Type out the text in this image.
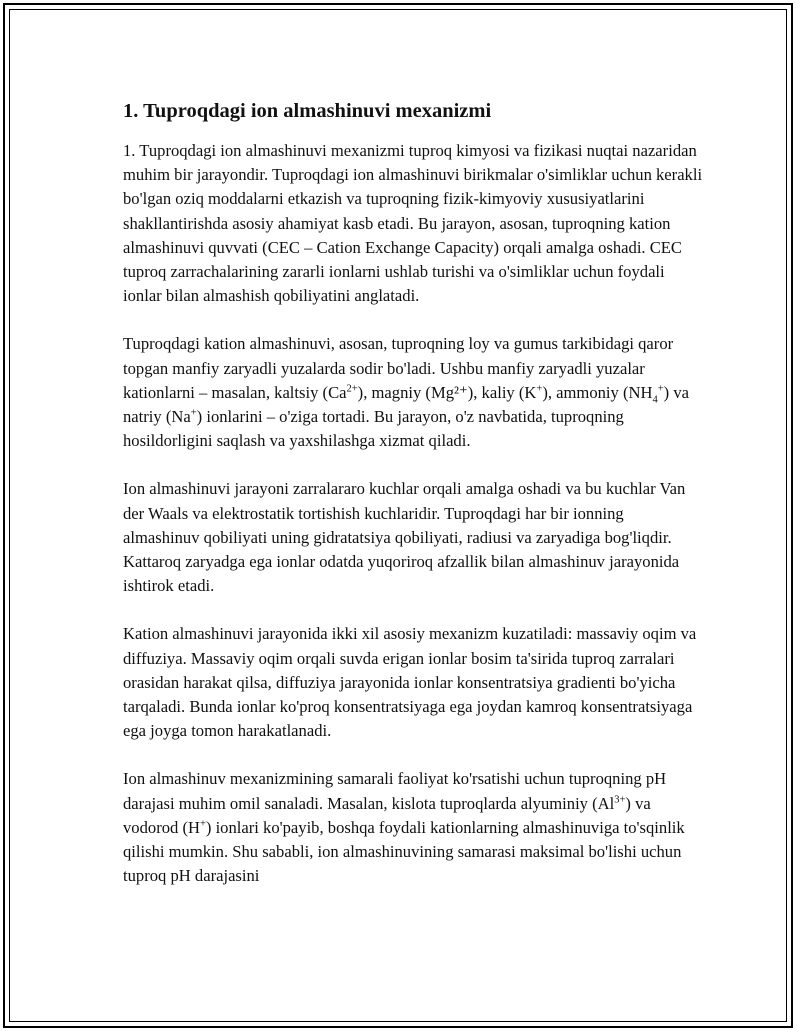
1. Tuproqdagi ion almashinuvi mexanizmi

1. Tuproqdagi ion almashinuvi mexanizmi tuproq kimyosi va fizikasi nuqtai nazaridan muhim bir jarayondir. Tuproqdagi ion almashinuvi birikmalar o'simliklar uchun kerakli bo'lgan oziq moddalarni etkazish va tuproqning fizik-kimyoviy xususiyatlarini shakllantirishda asosiy ahamiyat kasb etadi. Bu jarayon, asosan, tuproqning kation almashinuvi quvvati (CEC – Cation Exchange Capacity) orqali amalga oshadi. CEC tuproq zarrachalarining zararli ionlarni ushlab turishi va o'simliklar uchun foydali ionlar bilan almashish qobiliyatini anglatadi.

Tuproqdagi kation almashinuvi, asosan, tuproqning loy va gumus tarkibidagi qaror topgan manfiy zaryadli yuzalarda sodir bo'ladi. Ushbu manfiy zaryadli yuzalar kationlarni – masalan, kaltsiy $(Ca^{2+})$, magniy (Mg²⁺), kaliy (K+), ammoniy $(NH_4^+)$ va natriy (Na+) ionlarini – o'ziga tortadi. Bu jarayon, o'z navbatida, tuproqning hosildorligini saqlash va yaxshilashga xizmat qiladi.

Ion almashinuvi jarayoni zarralararo kuchlar orqali amalga oshadi va bu kuchlar Van der Waals va elektrostatik tortishish kuchlaridir. Tuproqdagi har bir ionning almashinuv qobiliyati uning gidratatsiya qobiliyati, radiusi va zaryadiga bog'liqdir. Kattaroq zaryadga ega ionlar odatda yuqoriroq afzallik bilan almashinuv jarayonida ishtirok etadi.

Kation almashinuvi jarayonida ikki xil asosiy mexanizm kuzatiladi: massaviy oqim va diffuziya. Massaviy oqim orqali suvda erigan ionlar bosim ta'sirida tuproq zarralari orasidan harakat qilsa, diffuziya jarayonida ionlar konsentratsiya gradienti bo'yicha tarqaladi. Bunda ionlar ko'proq konsentratsiyaga ega joydan kamroq konsentratsiyaga ega joyga tomon harakatlanadi.

Ion almashinuv mexanizmining samarali faoliyat ko'rsatishi uchun tuproqning pH darajasi muhim omil sanaladi. Masalan, kislota tuproqlarda alyuminiy $(Al^{3+})$ va vodorod (H+) ionlari ko'payib, boshqa foydali kationlarning almashinuviga to'sqinlik qilishi mumkin. Shu sababli, ion almashinuvining samarasi maksimal bo'lishi uchun tuproq pH darajasini
